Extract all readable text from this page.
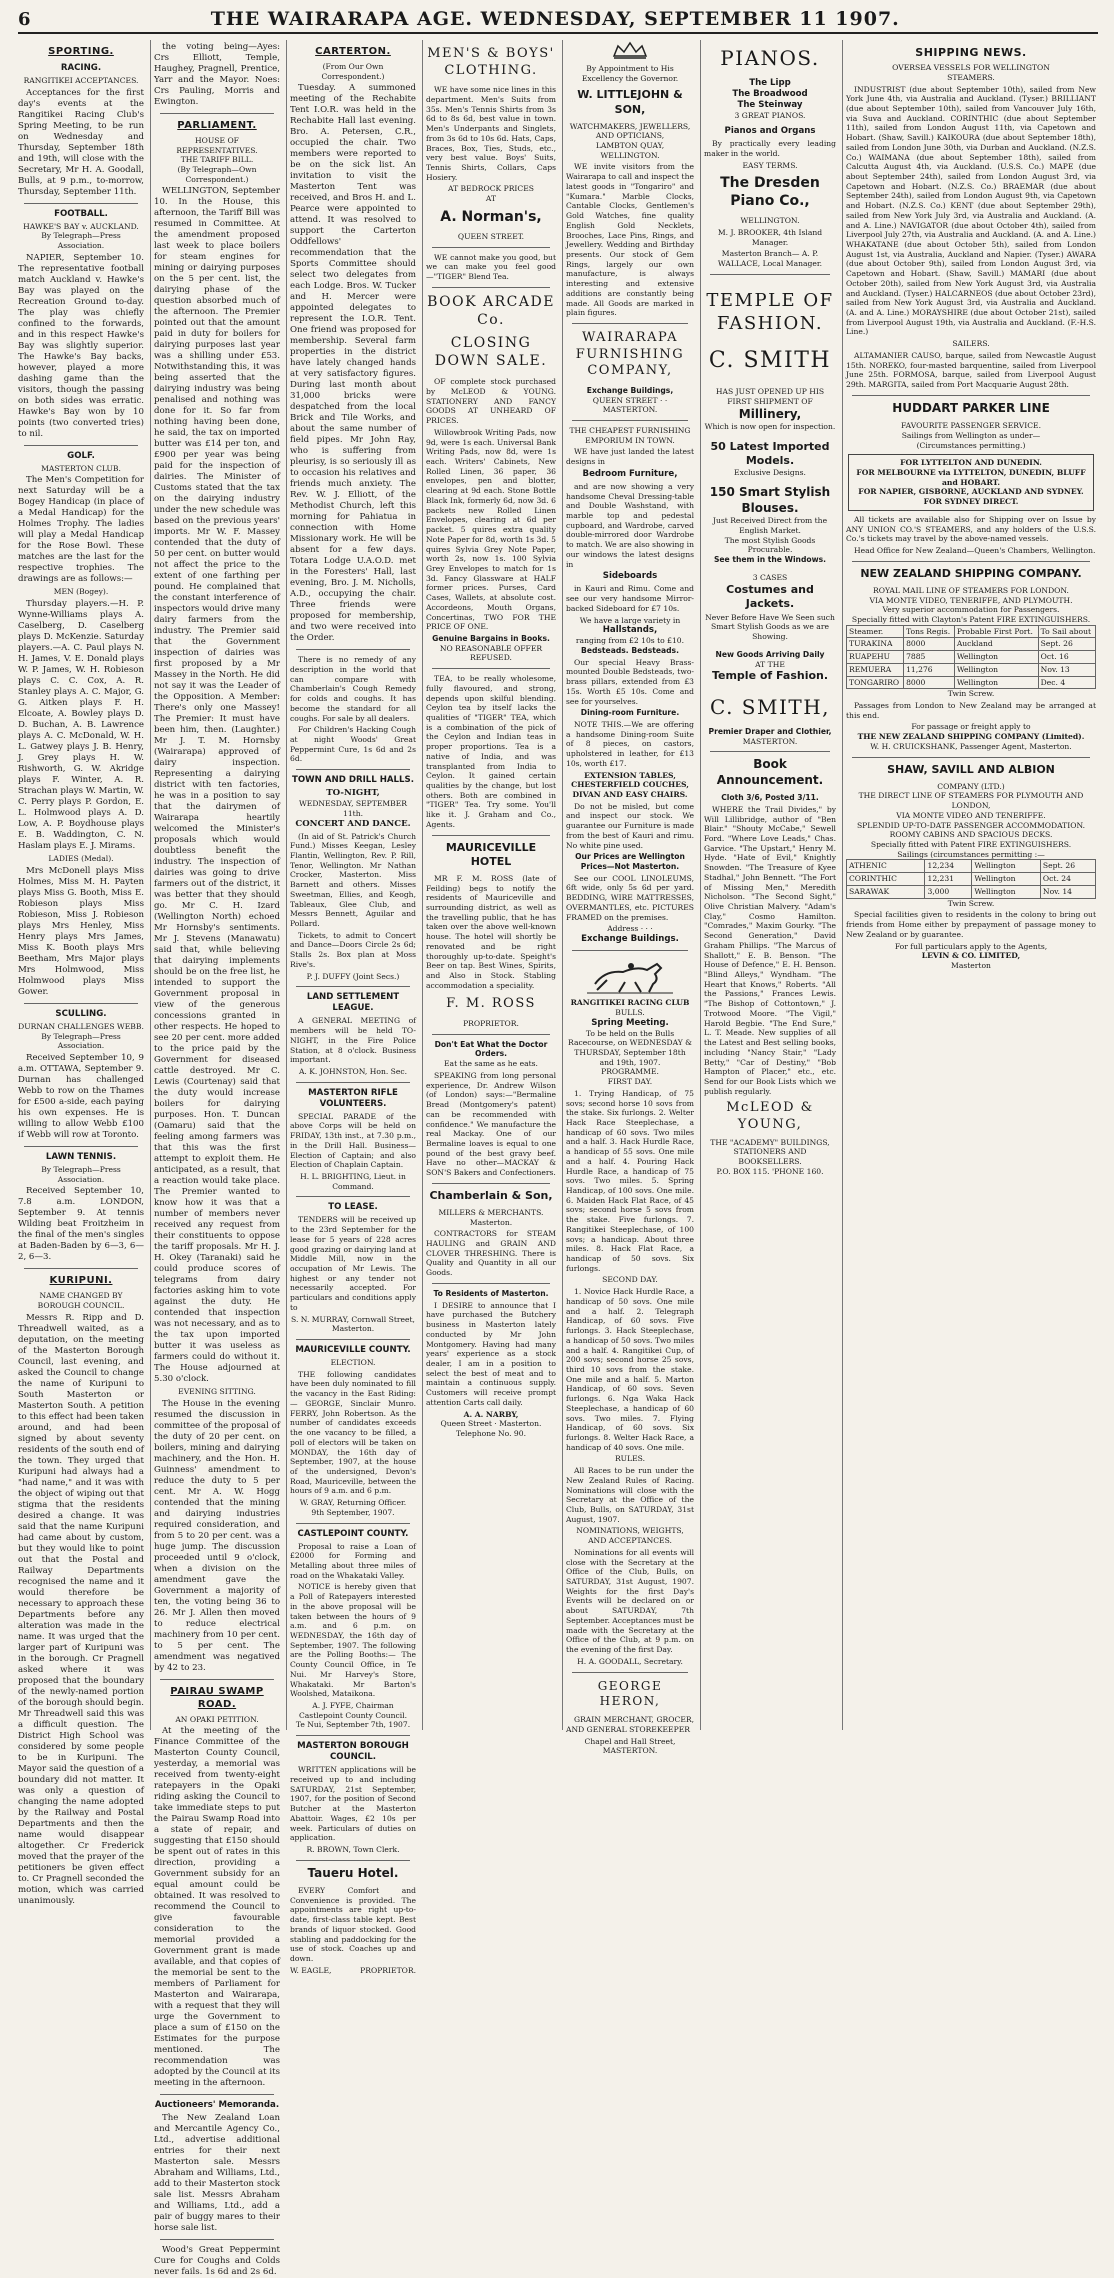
6	THE WAIRARAPA AGE. WEDNESDAY, SEPTEMBER 11 1907.
SPORTING.
RACING.
RANGITIKEI ACCEPTANCES.

Acceptances for the first day's events at the Rangitikei Racing Club's Spring Meeting, to be run on Wednesday and Thursday, September 18th and 19th, will close with the Secretary, Mr H. A. Goodall, Bulls, at 9 p.m., to-morrow, Thursday, September 11th.

FOOTBALL.
HAWKE'S BAY v. AUCKLAND.
By Telegraph—Press Association.

NAPIER, September 10. The representative football match Auckland v. Hawke's Bay was played on the Recreation Ground to-day. The play was chiefly confined to the forwards, and in this respect Hawke's Bay was slightly superior. The Hawke's Bay backs, however, played a more dashing game than the visitors, though the passing on both sides was erratic. Hawke's Bay won by 10 points (two converted tries) to nil.

GOLF.
MASTERTON CLUB.

The Men's Competition for next Saturday will be a Bogey Handicap (in place of a Medal Handicap) for the Holmes Trophy. The ladies will play a Medal Handicap for the Rose Bowl. These matches are the last for the respective trophies. The drawings are as follows:—

MEN (Bogey).

Thursday players.—H. P. Wynne-Williams plays A. Caselberg, D. Caselberg plays D. McKenzie. Saturday players.—A. C. Paul plays N. H. James, V. E. Donald plays W. P. James, W. H. Robieson plays C. C. Cox, A. R. Stanley plays A. C. Major, G. G. Aitken plays F. H. Elcoate, A. Bowley plays D. D. Buchan, A. B. Lawrence plays A. C. McDonald, W. H. L. Gatwey plays J. B. Henry, J. Grey plays H. W. Rishworth, G. W. Akridge plays F. Winter, A. R. Strachan plays W. Martin, W. C. Perry plays P. Gordon, E. L. Holmwood plays A. D. Low, A. P. Boydhouse plays E. B. Waddington, C. N. Haslam plays E. J. Mirams.

LADIES (Medal).

Mrs McDonell plays Miss Holmes, Miss M. H. Payten plays Miss G. Booth, Miss E. Robieson plays Miss Robieson, Miss J. Robieson plays Mrs Henley, Miss Henry plays Mrs James, Miss K. Booth plays Mrs Beetham, Mrs Major plays Mrs Holmwood, Miss Holmwood plays Miss Gower.

SCULLING.
DURNAN CHALLENGES WEBB.
By Telegraph—Press Association.

Received September 10, 9 a.m. OTTAWA, September 9. Durnan has challenged Webb to row on the Thames for £500 a-side, each paying his own expenses. He is willing to allow Webb £100 if Webb will row at Toronto.

LAWN TENNIS.
By Telegraph—Press Association.

Received September 10, 7.8 a.m. LONDON, September 9. At tennis Wilding beat Froitzheim in the final of the men's singles at Baden-Baden by 6—3, 6—2, 6—3.

KURIPUNI.
NAME CHANGED BY BOROUGH COUNCIL.

Messrs R. Ripp and D. Threadwell waited, as a deputation, on the meeting of the Masterton Borough Council, last evening, and asked the Council to change the name of Kuripuni to South Masterton or Masterton South. A petition to this effect had been taken around, and had been signed by about seventy residents of the south end of the town. They urged that Kuripuni had always had a "had name," and it was with the object of wiping out that stigma that the residents desired a change. It was said that the name Kuripuni had came about by custom, but they would like to point out that the Postal and Railway Departments recognised the name and it would therefore be necessary to approach these Departments before any alteration was made in the name. It was urged that the larger part of Kuripuni was in the borough. Cr Pragnell asked where it was proposed that the boundary of the newly-named portion of the borough should begin. Mr Threadwell said this was a difficult question. The District High School was considered by some people to be in Kuripuni. The Mayor said the question of a boundary did not matter. It was only a question of changing the name adopted by the Railway and Postal Departments and then the name would disappear altogether. Cr Frederick moved that the prayer of the petitioners be given effect to. Cr Pragnell seconded the motion, which was carried unanimously.

the voting being—Ayes: Crs Elliott, Temple, Haughey, Pragnell, Prentice, Yarr and the Mayor. Noes: Crs Pauling, Morris and Ewington.

PARLIAMENT.
HOUSE OF REPRESENTATIVES.
THE TARIFF BILL.
(By Telegraph—Own Correspondent.)

WELLINGTON, September 10. In the House, this afternoon, the Tariff Bill was resumed in Committee. At the amendment proposed last week to place boilers for steam engines for mining or dairying purposes on the 5 per cent. list, the dairying phase of the question absorbed much of the afternoon. The Premier pointed out that the amount paid in duty for boilers for dairying purposes last year was a shilling under £53. Notwithstanding this, it was being asserted that the dairying industry was being penalised and nothing was done for it. So far from nothing having been done, he said, the tax on imported butter was £14 per ton, and £900 per year was being paid for the inspection of dairies. The Minister of Customs stated that the tax on the dairying industry under the new schedule was based on the previous years' imports. Mr W. F. Massey contended that the duty of 50 per cent. on butter would not affect the price to the extent of one farthing per pound. He complained that the constant interference of inspectors would drive many dairy farmers from the industry. The Premier said that the Government inspection of dairies was first proposed by a Mr Massey in the North. He did not say it was the Leader of the Opposition. A Member: There's only one Massey! The Premier: It must have been him, then. (Laughter.) Mr J. T. M. Hornsby (Wairarapa) approved of dairy inspection. Representing a dairying district with ten factories, he was in a position to say that the dairymen of Wairarapa heartily welcomed the Minister's proposals which would doubtless benefit the industry. The inspection of dairies was going to drive farmers out of the district, it was better that they should go. Mr C. H. Izard (Wellington North) echoed Mr Hornsby's sentiments. Mr J. Stevens (Manawatu) said that, while believing that dairying implements should be on the free list, he intended to support the Government proposal in view of the generous concessions granted in other respects. He hoped to see 20 per cent. more added to the price paid by the Government for diseased cattle destroyed. Mr C. Lewis (Courtenay) said that the duty would increase boilers for dairying purposes. Hon. T. Duncan (Oamaru) said that the feeling among farmers was that this was the first attempt to exploit them. He anticipated, as a result, that a reaction would take place. The Premier wanted to know how it was that a number of members never received any request from their constituents to oppose the tariff proposals. Mr H. J. H. Okey (Taranaki) said he could produce scores of telegrams from dairy factories asking him to vote against the duty. He contended that inspection was not necessary, and as to the tax upon imported butter it was useless as farmers could do without it. The House adjourned at 5.30 o'clock.

EVENING SITTING.

The House in the evening resumed the discussion in committee of the proposal of the duty of 20 per cent. on boilers, mining and dairying machinery, and the Hon. H. Guinness' amendment to reduce the duty to 5 per cent. Mr A. W. Hogg contended that the mining and dairying industries required consideration, and from 5 to 20 per cent. was a huge jump. The discussion proceeded until 9 o'clock, when a division on the amendment gave the Government a majority of ten, the voting being 36 to 26. Mr J. Allen then moved to reduce electrical machinery from 10 per cent. to 5 per cent. The amendment was negatived by 42 to 23.

PAIRAU SWAMP ROAD.
AN OPAKI PETITION.

At the meeting of the Finance Committee of the Masterton County Council, yesterday, a memorial was received from twenty-eight ratepayers in the Opaki riding asking the Council to take immediate steps to put the Pairau Swamp Road into a state of repair, and suggesting that £150 should be spent out of rates in this direction, providing a Government subsidy for an equal amount could be obtained. It was resolved to recommend the Council to give favourable consideration to the memorial provided a Government grant is made available, and that copies of the memorial be sent to the members of Parliament for Masterton and Wairarapa, with a request that they will urge the Government to place a sum of £150 on the Estimates for the purpose mentioned. The recommendation was adopted by the Council at its meeting in the afternoon.

Auctioneers' Memoranda.

The New Zealand Loan and Mercantile Agency Co., Ltd., advertise additional entries for their next Masterton sale. Messrs Abraham and Williams, Ltd., add to their Masterton stock sale list. Messrs Abraham and Williams, Ltd., add a pair of buggy mares to their horse sale list.

Wood's Great Peppermint Cure for Coughs and Colds never fails. 1s 6d and 2s 6d.

CARTERTON.
(From Our Own Correspondent.)

Tuesday. A summoned meeting of the Rechabite Tent I.O.R. was held in the Rechabite Hall last evening. Bro. A. Petersen, C.R., occupied the chair. Two members were reported to be on the sick list. An invitation to visit the Masterton Tent was received, and Bros H. and L. Pearce were appointed to attend. It was resolved to support the Carterton Oddfellows' recommendation that the Sports Committee should select two delegates from each Lodge. Bros. W. Tucker and H. Mercer were appointed delegates to represent the I.O.R. Tent. One friend was proposed for membership. Several farm properties in the district have lately changed hands at very satisfactory figures. During last month about 31,000 bricks were despatched from the local Brick and Tile Works, and about the same number of field pipes. Mr John Ray, who is suffering from pleurisy, is so seriously ill as to occasion his relatives and friends much anxiety. The Rev. W. J. Elliott, of the Methodist Church, left this morning for Pahiatua in connection with Home Missionary work. He will be absent for a few days. Totara Lodge U.A.O.D. met in the Foresters' Hall, last evening, Bro. J. M. Nicholls, A.D., occupying the chair. Three friends were proposed for membership, and two were received into the Order.

There is no remedy of any description in the world that can compare with Chamberlain's Cough Remedy for colds and coughs. It has become the standard for all coughs. For sale by all dealers.

For Children's Hacking Cough at night Woods' Great Peppermint Cure, 1s 6d and 2s 6d.

TOWN AND DRILL HALLS.
TO-NIGHT,
WEDNESDAY, SEPTEMBER 11th.
CONCERT AND DANCE.

(In aid of St. Patrick's Church Fund.) Misses Keegan, Lesley Flantin, Wellington, Rev. P. Rill, Tenor, Wellington. Mr Nathan Crocker, Masterton. Miss Barnett and others. Misses Sweetman, Ellies, and Keogh, Tableaux, Glee Club, and Messrs Bennett, Aguilar and Pollard.

Tickets, to admit to Concert and Dance—Doors Circle 2s 6d; Stalls 2s. Box plan at Moss Rive's.

P. J. DUFFY (Joint Secs.)
LAND SETTLEMENT LEAGUE.

A GENERAL MEETING of members will be held TO-NIGHT, in the Fire Police Station, at 8 o'clock. Business important.

A. K. JOHNSTON, Hon. Sec.
MASTERTON RIFLE VOLUNTEERS.

SPECIAL PARADE of the above Corps will be held on FRIDAY, 13th inst., at 7.30 p.m., in the Drill Hall. Business—Election of Captain; and also Election of Chaplain Captain.

H. L. BRIGHTING, Lieut. in Command.
TO LEASE.

TENDERS will be received up to the 23rd September for the lease for 5 years of 228 acres good grazing or dairying land at Middle Mill, now in the occupation of Mr Lewis. The highest or any tender not necessarily accepted. For particulars and conditions apply to

S. N. MURRAY, Cornwall Street, Masterton.
MAURICEVILLE COUNTY.
ELECTION.

THE following candidates have been duly nominated to fill the vacancy in the East Riding:— GEORGE, Sinclair Munro. FERRY, John Robertson. As the number of candidates exceeds the one vacancy to be filled, a poll of electors will be taken on MONDAY, the 16th day of September, 1907, at the house of the undersigned, Devon's Road, Mauriceville, between the hours of 9 a.m. and 6 p.m.

W. GRAY, Returning Officer.
9th September, 1907.
CASTLEPOINT COUNTY.

Proposal to raise a Loan of £2000 for Forming and Metalling about three miles of road on the Whakataki Valley.

NOTICE is hereby given that a Poll of Ratepayers interested in the above proposal will be taken between the hours of 9 a.m. and 6 p.m. on WEDNESDAY, the 16th day of September, 1907. The following are the Polling Booths:— The County Council Office, in Te Nui. Mr Harvey's Store, Whakataki. Mr Barton's Woolshed, Mataikona.

A. J. FYFE, Chairman Castlepoint County Council.
Te Nui, September 7th, 1907.
MASTERTON BOROUGH COUNCIL.

WRITTEN applications will be received up to and including SATURDAY, 21st September, 1907, for the position of Second Butcher at the Masterton Abattoir. Wages, £2 10s per week. Particulars of duties on application.

R. BROWN, Town Clerk.
Taueru Hotel.

EVERY Comfort and Convenience is provided. The appointments are right up-to-date, first-class table kept. Best brands of liquor stocked. Good stabling and paddocking for the use of stock. Coaches up and down.

W. EAGLE,	PROPRIETOR.
MEN'S & BOYS' CLOTHING.

WE have some nice lines in this department. Men's Suits from 35s. Men's Tennis Shirts from 3s 6d to 8s 6d, best value in town. Men's Underpants and Singlets, from 3s 6d to 10s 6d. Hats, Caps, Braces, Box, Ties, Studs, etc., very best value. Boys' Suits, Tennis Shirts, Collars, Caps Hosiery.

AT BEDROCK PRICES
AT
A. Norman's,
QUEEN STREET.

WE cannot make you good, but we can make you feel good—"TIGER" Blend Tea.

BOOK ARCADE Co.
CLOSING DOWN SALE.

OF complete stock purchased by McLEOD & YOUNG. STATIONERY AND FANCY GOODS AT UNHEARD OF PRICES.

Willowbrook Writing Pads, now 9d, were 1s each. Universal Bank Writing Pads, now 8d, were 1s each. Writers' Cabinets, New Rolled Linen, 36 paper, 36 envelopes, pen and blotter, clearing at 9d each. Stone Bottle Black Ink, formerly 6d, now 3d. 6 packets new Rolled Linen Envelopes, clearing at 6d per packet. 5 quires extra quality Note Paper for 8d, worth 1s 3d. 5 quires Sylvia Grey Note Paper, worth 2s, now 1s. 100 Sylvia Grey Envelopes to match for 1s 3d. Fancy Glassware at HALF former prices. Purses, Card Cases, Wallets, at absolute cost. Accordeons, Mouth Organs, Concertinas, TWO FOR THE PRICE OF ONE.

Genuine Bargains in Books.
NO REASONABLE OFFER REFUSED.

TEA, to be really wholesome, fully flavoured, and strong, depends upon skilful blending. Ceylon tea by itself lacks the qualities of "TIGER" TEA, which is a combination of the pick of the Ceylon and Indian teas in proper proportions. Tea is a native of India, and was transplanted from India to Ceylon. It gained certain qualities by the change, but lost others. Both are combined in "TIGER" Tea. Try some. You'll like it. J. Graham and Co., Agents.

MAURICEVILLE HOTEL

MR F. M. ROSS (late of Feilding) begs to notify the residents of Mauriceville and surrounding district, as well as the travelling public, that he has taken over the above well-known house. The hotel will shortly be renovated and be right thoroughly up-to-date. Speight's Beer on tap. Best Wines, Spirits, and Also in Stock. Stabling accommodation a speciality.

F. M. ROSS
PROPRIETOR.
Don't Eat What the Doctor Orders.
Eat the same as he eats.

SPEAKING from long personal experience, Dr. Andrew Wilson (of London) says:—"Bermaline Bread (Montgomery's patent) can be recommended with confidence." We manufacture the real Mackay. One of our Bermaline loaves is equal to one pound of the best gravy beef. Have no other—MACKAY & SON'S Bakers and Confectioners.

Chamberlain & Son,
MILLERS & MERCHANTS.
Masterton.

CONTRACTORS for STEAM HAULING and GRAIN AND CLOVER THRESHING. There is Quality and Quantity in all our Goods.

To Residents of Masterton.

I DESIRE to announce that I have purchased the Butchery business in Masterton lately conducted by Mr John Montgomery. Having had many years' experience as a stock dealer, I am in a position to select the best of meat and to maintain a continuous supply. Customers will receive prompt attention Carts call daily.

A. A. NARBY,
Queen Street · Masterton.
Telephone No. 90.
By Appointment to His Excellency the Governor.
W. LITTLEJOHN & SON,
WATCHMAKERS, JEWELLERS, AND OPTICIANS,
LAMBTON QUAY, WELLINGTON.

WE invite visitors from the Wairarapa to call and inspect the latest goods in "Tongariro" and "Kumara." Marble Clocks, Cantable Clocks, Gentlemen's Gold Watches, fine quality English Gold Necklets, Brooches, Lace Pins, Rings, and Jewellery. Wedding and Birthday presents. Our stock of Gem Rings, largely our own manufacture, is always interesting and extensive additions are constantly being made. All Goods are marked in plain figures.

WAIRARAPA FURNISHING COMPANY,
Exchange Buildings,
QUEEN STREET · · MASTERTON.
THE CHEAPEST FURNISHING EMPORIUM IN TOWN.

WE have just landed the latest designs in

Bedroom Furniture,

and are now showing a very handsome Cheval Dressing-table and Double Washstand, with marble top and pedestal cupboard, and Wardrobe, carved double-mirrored door Wardrobe to match. We are also showing in our windows the latest designs in

Sideboards

in Kauri and Rimu. Come and see our very handsome Mirror-backed Sideboard for £7 10s.

We have a large variety in
Hallstands,
ranging from £2 10s to £10.
Bedsteads. Bedsteads.

Our special Heavy Brass-mounted Double Bedsteads, two-brass pillars, extended from £3 15s. Worth £5 10s. Come and see for yourselves.

Dining-room Furniture.

NOTE THIS.—We are offering a handsome Dining-room Suite of 8 pieces, on castors, upholstered in leather, for £13 10s, worth £17.

EXTENSION TABLES, CHESTERFIELD COUCHES, DIVAN AND EASY CHAIRS.

Do not be misled, but come and inspect our stock. We guarantee our Furniture is made from the best of Kauri and rimu. No white pine used.

Our Prices are Wellington Prices—Not Masterton.

See our COOL LINOLEUMS, 6ft wide, only 5s 6d per yard. BEDDING, WIRE MATTRESSES, OVERMANTLES, etc. PICTURES FRAMED on the premises.

Address · · ·
Exchange Buildings.
RANGITIKEI RACING CLUB
BULLS.
Spring Meeting.
To be held on the Bulls Racecourse, on WEDNESDAY & THURSDAY, September 18th and 19th, 1907.
PROGRAMME.
FIRST DAY.

1. Trying Handicap, of 75 sovs; second horse 10 sovs from the stake. Six furlongs. 2. Welter Hack Race Steeplechase, a handicap of 60 sovs. Two miles and a half. 3. Hack Hurdle Race, a handicap of 55 sovs. One mile and a half. 4. Pouring Hack Hurdle Race, a handicap of 75 sovs. Two miles. 5. Spring Handicap, of 100 sovs. One mile. 6. Maiden Hack Flat Race, of 45 sovs; second horse 5 sovs from the stake. Five furlongs. 7. Rangitikei Steeplechase, of 100 sovs; a handicap. About three miles. 8. Hack Flat Race, a handicap of 50 sovs. Six furlongs.

SECOND DAY.

1. Novice Hack Hurdle Race, a handicap of 50 sovs. One mile and a half. 2. Telegraph Handicap, of 60 sovs. Five furlongs. 3. Hack Steeplechase, a handicap of 50 sovs. Two miles and a half. 4. Rangitikei Cup, of 200 sovs; second horse 25 sovs, third 10 sovs from the stake. One mile and a half. 5. Marton Handicap, of 60 sovs. Seven furlongs. 6. Nga Waka Hack Steeplechase, a handicap of 60 sovs. Two miles. 7. Flying Handicap, of 60 sovs. Six furlongs. 8. Welter Hack Race, a handicap of 40 sovs. One mile.

RULES.

All Races to be run under the New Zealand Rules of Racing. Nominations will close with the Secretary at the Office of the Club, Bulls, on SATURDAY, 31st August, 1907.

NOMINATIONS, WEIGHTS, AND ACCEPTANCES.

Nominations for all events will close with the Secretary at the Office of the Club, Bulls, on SATURDAY, 31st August, 1907. Weights for the first Day's Events will be declared on or about SATURDAY, 7th September. Acceptances must be made with the Secretary at the Office of the Club, at 9 p.m. on the evening of the first Day.

H. A. GOODALL, Secretary.
GEORGE HERON,

GRAIN MERCHANT, GROCER, AND GENERAL STOREKEEPER

Chapel and Hall Street,
MASTERTON.
PIANOS.
The Lipp
The Broadwood
The Steinway
3 GREAT PIANOS.
Pianos and Organs

By practically every leading maker in the world.

EASY TERMS.
The Dresden Piano Co.,
WELLINGTON.

M. J. BROOKER, 4th Island Manager.

Masterton Branch— A. P. WALLACE, Local Manager.

TEMPLE OF FASHION.
C. SMITH
HAS JUST OPENED UP HIS FIRST SHIPMENT OF
Millinery,
Which is now open for inspection.
50 Latest Imported Models.
Exclusive Designs.
150 Smart Stylish Blouses.
Just Received Direct from the English Market.
The most Stylish Goods Procurable.
See them in the Windows.
3 CASES
Costumes and Jackets.

Never Before Have We Seen such Smart Stylish Goods as we are Showing.

New Goods Arriving Daily
AT THE
Temple of Fashion.
C. SMITH,
Premier Draper and Clothier,
MASTERTON.
Book Announcement.
Cloth 3/6, Posted 3/11.

WHERE the Trail Divides," by Will Lillibridge, author of "Ben Blair." "Shouty McCabe," Sewell Ford. "Where Love Leads," Chas. Garvice. "The Upstart," Henry M. Hyde. "Hate of Evil," Knightly Snowden. "The Treasure of Kyee Stadhal," John Bennett. "The Fort of Missing Men," Meredith Nicholson. "The Second Sight," Olive Christian Malvery. "Adam's Clay," Cosmo Hamilton. "Comrades," Maxim Gourky. "The Second Generation," David Graham Phillips. "The Marcus of Shallott," E. B. Benson. "The House of Defence," E. H. Benson. "Blind Alleys," Wyndham. "The Heart that Knows," Roberts. "All the Passions," Frances Lewis. "The Bishop of Cottontown," J. Trotwood Moore. "The Vigil," Harold Begbie. "The End Sure," L. T. Meade. New supplies of all the Latest and Best selling books, including "Nancy Stair," "Lady Betty," "Car of Destiny," "Bob Hampton of Placer," etc., etc. Send for our Book Lists which we publish regularly.

McLEOD & YOUNG,
THE "ACADEMY" BUILDINGS,
STATIONERS AND BOOKSELLERS.
P.O. BOX 115. 'PHONE 160.
SHIPPING NEWS.
OVERSEA VESSELS FOR WELLINGTON
STEAMERS.

INDUSTRIST (due about September 10th), sailed from New York June 4th, via Australia and Auckland. (Tyser.) BRILLIANT (due about September 10th), sailed from Vancouver July 16th, via Suva and Auckland. CORINTHIC (due about September 11th), sailed from London August 11th, via Capetown and Hobart. (Shaw, Savill.) KAIKOURA (due about September 18th), sailed from London June 30th, via Durban and Auckland. (N.Z.S. Co.) WAIMANA (due about September 18th), sailed from Calcutta August 4th, via Auckland. (U.S.S. Co.) MAPE (due about September 24th), sailed from London August 3rd, via Capetown and Hobart. (N.Z.S. Co.) BRAEMAR (due about September 24th), sailed from London August 9th, via Capetown and Hobart. (N.Z.S. Co.) KENT (due about September 29th), sailed from New York July 3rd, via Australia and Auckland. (A. and A. Line.) NAVIGATOR (due about October 4th), sailed from Liverpool July 27th, via Australia and Auckland. (A. and A. Line.) WHAKATANE (due about October 5th), sailed from London August 1st, via Australia, Auckland and Napier. (Tyser.) AWARA (due about October 9th), sailed from London August 3rd, via Capetown and Hobart. (Shaw, Savill.) MAMARI (due about October 20th), sailed from New York August 3rd, via Australia and Auckland. (Tyser.) HALCARNEOS (due about October 23rd), sailed from New York August 3rd, via Australia and Auckland. (A. and A. Line.) MORAYSHIRE (due about October 21st), sailed from Liverpool August 19th, via Australia and Auckland. (F.-H.S. Line.)

SAILERS.

ALTAMANIER CAUSO, barque, sailed from Newcastle August 15th. NOREKO, four-masted barquentine, sailed from Liverpool June 25th. FORMOSA, barque, sailed from Liverpool August 29th. MARGITA, sailed from Port Macquarie August 28th.

HUDDART PARKER LINE
FAVOURITE PASSENGER SERVICE.
Sailings from Wellington as under—
(Circumstances permitting.)
FOR LYTTELTON AND DUNEDIN.
FOR MELBOURNE via LYTTELTON, DUNEDIN, BLUFF and HOBART.
FOR NAPIER, GISBORNE, AUCKLAND AND SYDNEY.
FOR SYDNEY DIRECT.

All tickets are available also for Shipping over on Issue by ANY UNION CO.'S STEAMERS, and any holders of the U.S.S. Co.'s tickets may travel by the above-named vessels.

Head Office for New Zealand—Queen's Chambers, Wellington.

NEW ZEALAND SHIPPING COMPANY.
ROYAL MAIL LINE OF STEAMERS FOR LONDON.
VIA MONTE VIDEO, TENERIFFE, AND PLYMOUTH.
Very superior accommodation for Passengers.
Specially fitted with Clayton's Patent FIRE EXTINGUISHERS.
Steamer.	Tons Regis.	Probable First Port.	To Sail about
TURAKINA	8000	Auckland	Sept. 26
RUAPEHU	7885	Wellington	Oct. 16
REMUERA	11,276	Wellington	Nov. 13
TONGARIRO	8000	Wellington	Dec. 4
Twin Screw.

Passages from London to New Zealand may be arranged at this end.

For passage or freight apply to
THE NEW ZEALAND SHIPPING COMPANY (Limited).
W. H. CRUICKSHANK, Passenger Agent, Masterton.
SHAW, SAVILL AND ALBION
COMPANY (LTD.)
THE DIRECT LINE OF STEAMERS FOR PLYMOUTH AND LONDON,
VIA MONTE VIDEO AND TENERIFFE.
SPLENDID UP-TO-DATE PASSENGER ACCOMMODATION.
ROOMY CABINS AND SPACIOUS DECKS.
Specially fitted with Patent FIRE EXTINGUISHERS.
Sailings (circumstances permitting :—
ATHENIC	12,234	Wellington	Sept. 26
CORINTHIC	12,231	Wellington	Oct. 24
SARAWAK	3,000	Wellington	Nov. 14
Twin Screw.

Special facilities given to residents in the colony to bring out friends from Home either by prepayment of passage money to New Zealand or by guarantee.

For full particulars apply to the Agents,
LEVIN & CO. LIMITED,
Masterton
